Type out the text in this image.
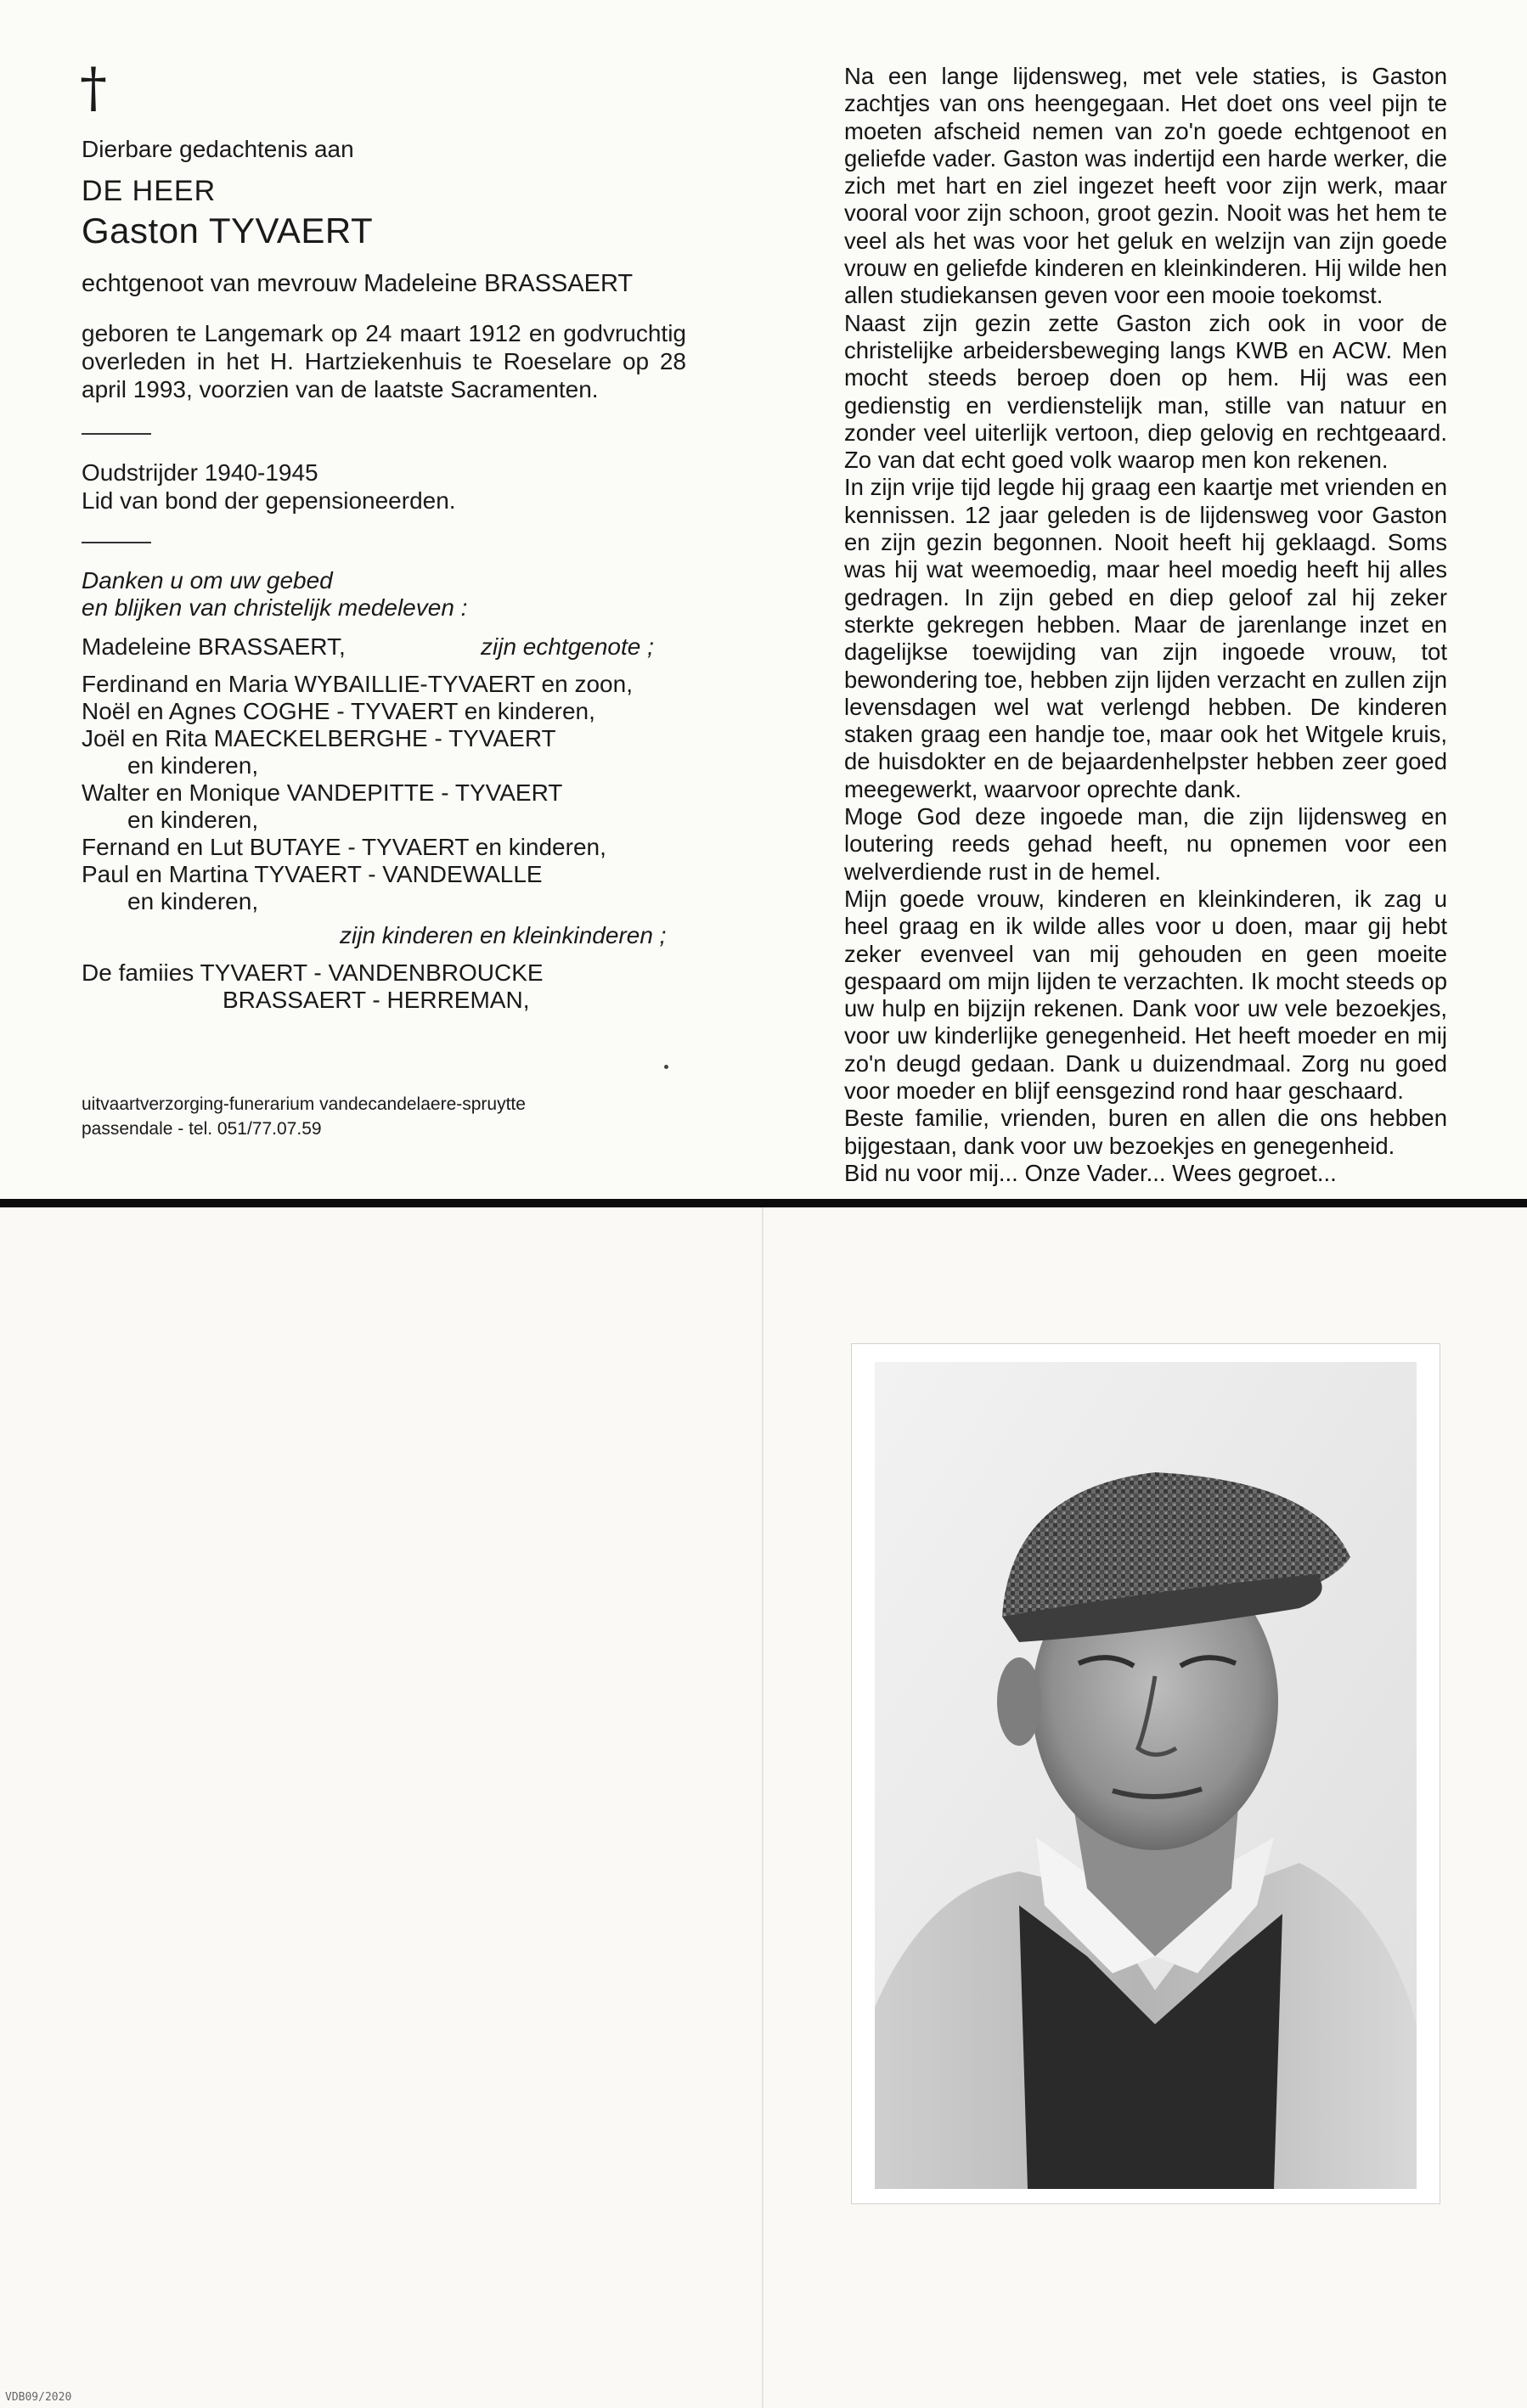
†
Dierbare gedachtenis aan
DE HEER
Gaston TYVAERT
echtgenoot van mevrouw Madeleine BRASSAERT
geboren te Langemark op 24 maart 1912 en godvruchtig overleden in het H. Hartziekenhuis te Roeselare op 28 april 1993, voorzien van de laatste Sacramenten.
Oudstrijder 1940-1945
Lid van bond der gepensioneerden.
Danken u om uw gebed
en blijken van christelijk medeleven :
Madeleine BRASSAERT,	zijn echtgenote ;
Ferdinand en Maria WYBAILLIE-TYVAERT en zoon,
Noël en Agnes COGHE - TYVAERT en kinderen,
Joël en Rita MAECKELBERGHE - TYVAERT
en kinderen,
Walter en Monique VANDEPITTE - TYVAERT
en kinderen,
Fernand en Lut BUTAYE - TYVAERT en kinderen,
Paul en Martina TYVAERT - VANDEWALLE
en kinderen,
zijn kinderen en kleinkinderen ;
De famiies TYVAERT - VANDENBROUCKE
BRASSAERT - HERREMAN,
uitvaartverzorging-funerarium vandecandelaere-spruytte
passendale - tel. 051/77.07.59

Na een lange lijdensweg, met vele staties, is Gaston zachtjes van ons heengegaan. Het doet ons veel pijn te moeten afscheid nemen van zo'n goede echtgenoot en geliefde vader. Gaston was indertijd een harde werker, die zich met hart en ziel ingezet heeft voor zijn werk, maar vooral voor zijn schoon, groot gezin. Nooit was het hem te veel als het was voor het geluk en welzijn van zijn goede vrouw en geliefde kinderen en kleinkinderen. Hij wilde hen allen studiekansen geven voor een mooie toekomst.

Naast zijn gezin zette Gaston zich ook in voor de christelijke arbeidersbeweging langs KWB en ACW. Men mocht steeds beroep doen op hem. Hij was een gedienstig en verdienstelijk man, stille van natuur en zonder veel uiterlijk vertoon, diep gelovig en rechtgeaard. Zo van dat echt goed volk waarop men kon rekenen.

In zijn vrije tijd legde hij graag een kaartje met vrienden en kennissen. 12 jaar geleden is de lijdensweg voor Gaston en zijn gezin begonnen. Nooit heeft hij geklaagd. Soms was hij wat weemoedig, maar heel moedig heeft hij alles gedragen. In zijn gebed en diep geloof zal hij zeker sterkte gekregen hebben. Maar de jarenlange inzet en dagelijkse toewijding van zijn ingoede vrouw, tot bewondering toe, hebben zijn lijden verzacht en zullen zijn levensdagen wel wat verlengd hebben. De kinderen staken graag een handje toe, maar ook het Witgele kruis, de huisdokter en de bejaardenhelpster hebben zeer goed meegewerkt, waarvoor oprechte dank.

Moge God deze ingoede man, die zijn lijdensweg en loutering reeds gehad heeft, nu opnemen voor een welverdiende rust in de hemel.

Mijn goede vrouw, kinderen en kleinkinderen, ik zag u heel graag en ik wilde alles voor u doen, maar gij hebt zeker evenveel van mij gehouden en geen moeite gespaard om mijn lijden te verzachten. Ik mocht steeds op uw hulp en bijzijn rekenen. Dank voor uw vele bezoekjes, voor uw kinderlijke genegenheid. Het heeft moeder en mij zo'n deugd gedaan. Dank u duizendmaal. Zorg nu goed voor moeder en blijf eensgezind rond haar geschaard.

Beste familie, vrienden, buren en allen die ons hebben bijgestaan, dank voor uw bezoekjes en genegenheid.

Bid nu voor mij... Onze Vader... Wees gegroet...

VDB09/2020
